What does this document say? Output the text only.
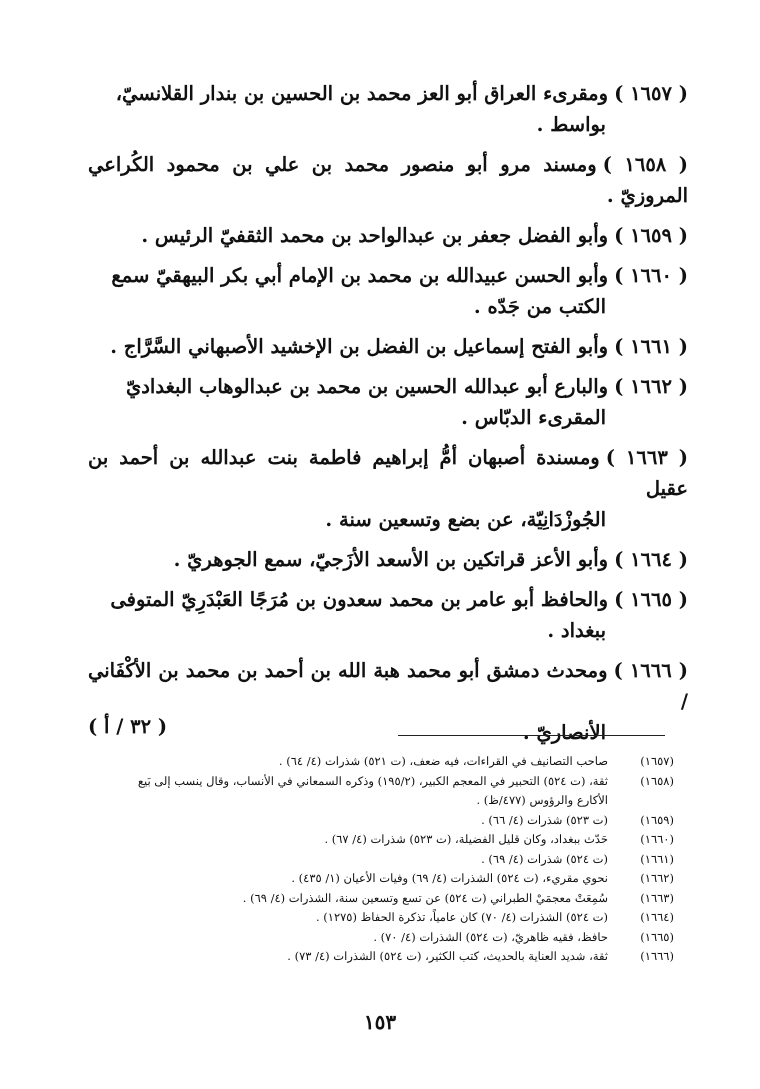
( ١٦٥٧ )ومقرىء العراق أبو العز محمد بن الحسين بن بندار القلانسيّ،
بواسط .
( ١٦٥٨ )ومسند مرو أبو منصور محمد بن علي بن محمود الكُراعي المروزيّ .
( ١٦٥٩ )وأبو الفضل جعفر بن عبدالواحد بن محمد الثقفيّ الرئيس .
( ١٦٦٠ )وأبو الحسن عبيدالله بن محمد بن الإمام أبي بكر البيهقيّ سمع
الكتب من جَدّه .
( ١٦٦١ )وأبو الفتح إسماعيل بن الفضل بن الإخشيد الأصبهاني السَّرَّاج .
( ١٦٦٢ )والبارع أبو عبدالله الحسين بن محمد بن عبدالوهاب البغداديّ
المقرىء الدبّاس .
( ١٦٦٣ )ومسندة أصبهان أمُّ إبراهيم فاطمة بنت عبدالله بن أحمد بن عقيل
الجُوزْدَانِيّة، عن بضع وتسعين سنة .
( ١٦٦٤ )وأبو الأعز قراتكين بن الأسعد الأزَجيّ، سمع الجوهريّ .
( ١٦٦٥ )والحافظ أبو عامر بن محمد سعدون بن مُرَجًا العَبْدَرِيّ المتوفى
ببغداد .
( ١٦٦٦ )ومحدث دمشق أبو محمد هبة الله بن أحمد بن محمد بن الأكْفَاني /
الأنصاريّ .
( ٣٢ / أ )
(١٦٥٧)
صاحب التصانيف في القراءات، فيه ضعف، (ت ٥٢١) شذرات (٤/ ٦٤) .
(١٦٥٨)
ثقة، (ت ٥٢٤) التحبير في المعجم الكبير، (١٩٥/٢) وذكره السمعاني في الأنساب، وقال ينسب إلى بَيع الأكارع والرؤوس (٤٧٧/ظ) .
(١٦٥٩)
(ت ٥٢٣) شذرات (٤/ ٦٦) .
(١٦٦٠)
حَدّث ببغداد، وكان قليل الفضيلة، (ت ٥٢٣) شذرات (٤/ ٦٧) .
(١٦٦١)
(ت ٥٢٤) شذرات (٤/ ٦٩) .
(١٦٦٢)
نحوي مقريء، (ت ٥٢٤) الشذرات (٤/ ٦٩) وفيات الأعيان (١/ ٤٣٥) .
(١٦٦٣)
سُمِعَتْ معجمَيْ الطبراني (ت ٥٢٤) عن تسع وتسعين سنة، الشذرات (٤/ ٦٩) .
(١٦٦٤)
(ت ٥٢٤) الشذرات (٤/ ٧٠) كان عامياً، تذكرة الحفاظ (١٢٧٥) .
(١٦٦٥)
حافظ، فقيه ظاهريّ، (ت ٥٢٤) الشذرات (٤/ ٧٠) .
(١٦٦٦)
ثقة، شديد العناية بالحديث، كتب الكثير، (ت ٥٢٤) الشذرات (٤/ ٧٣) .
١٥٣
